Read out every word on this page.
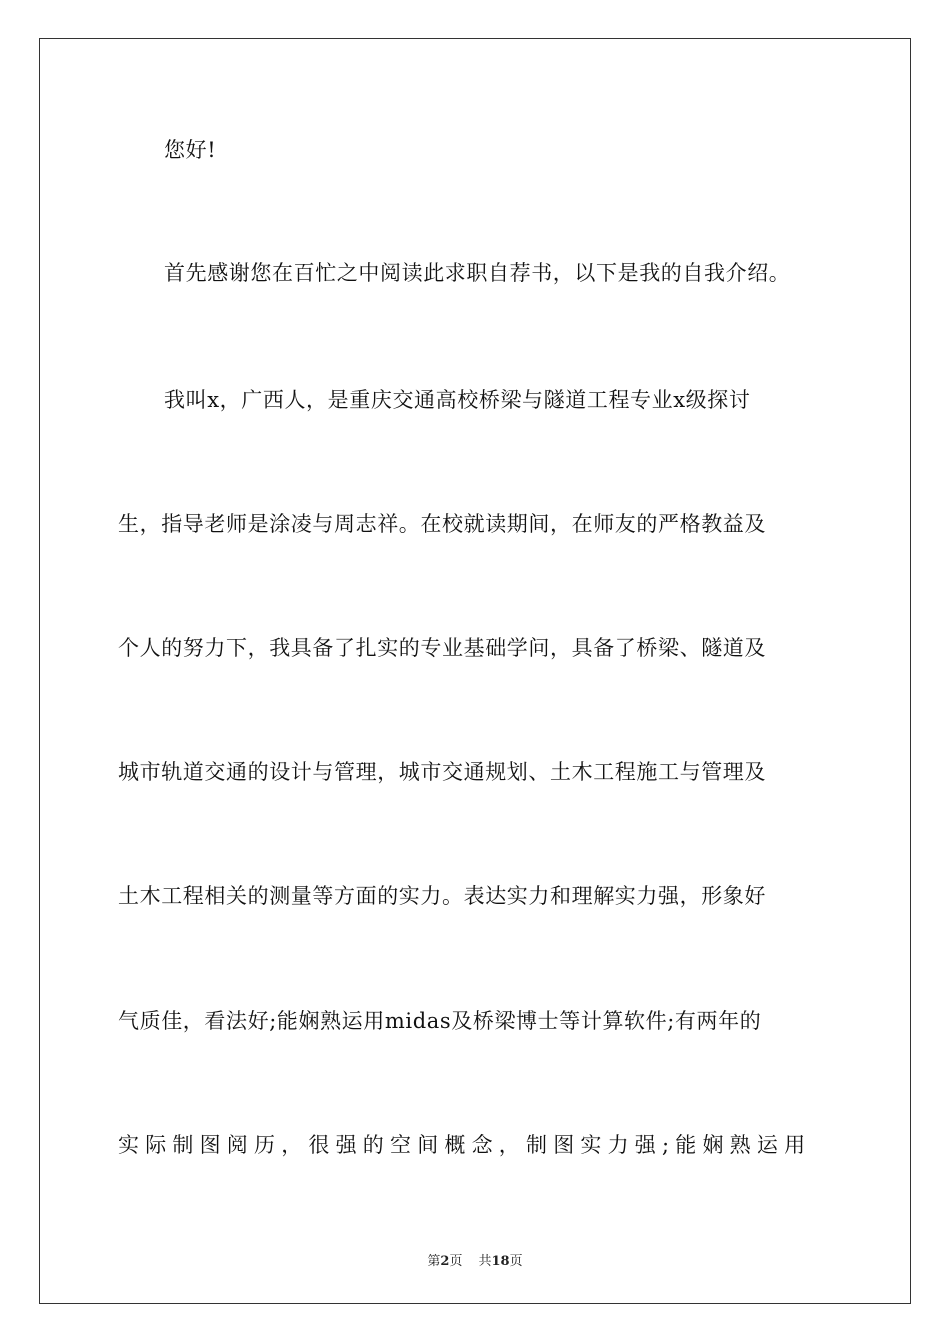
您好!
首先感谢您在百忙之中阅读此求职自荐书，以下是我的自我介绍。
我叫x，广西人，是重庆交通高校桥梁与隧道工程专业x级探讨
生，指导老师是涂凌与周志祥。在校就读期间，在师友的严格教益及
个人的努力下，我具备了扎实的专业基础学问，具备了桥梁、隧道及
城市轨道交通的设计与管理，城市交通规划、土木工程施工与管理及
土木工程相关的测量等方面的实力。表达实力和理解实力强，形象好
气质佳，看法好;能娴熟运用midas及桥梁博士等计算软件;有两年的
实际制图阅历，很强的空间概念，制图实力强;能娴熟运用
第2页 共18页
